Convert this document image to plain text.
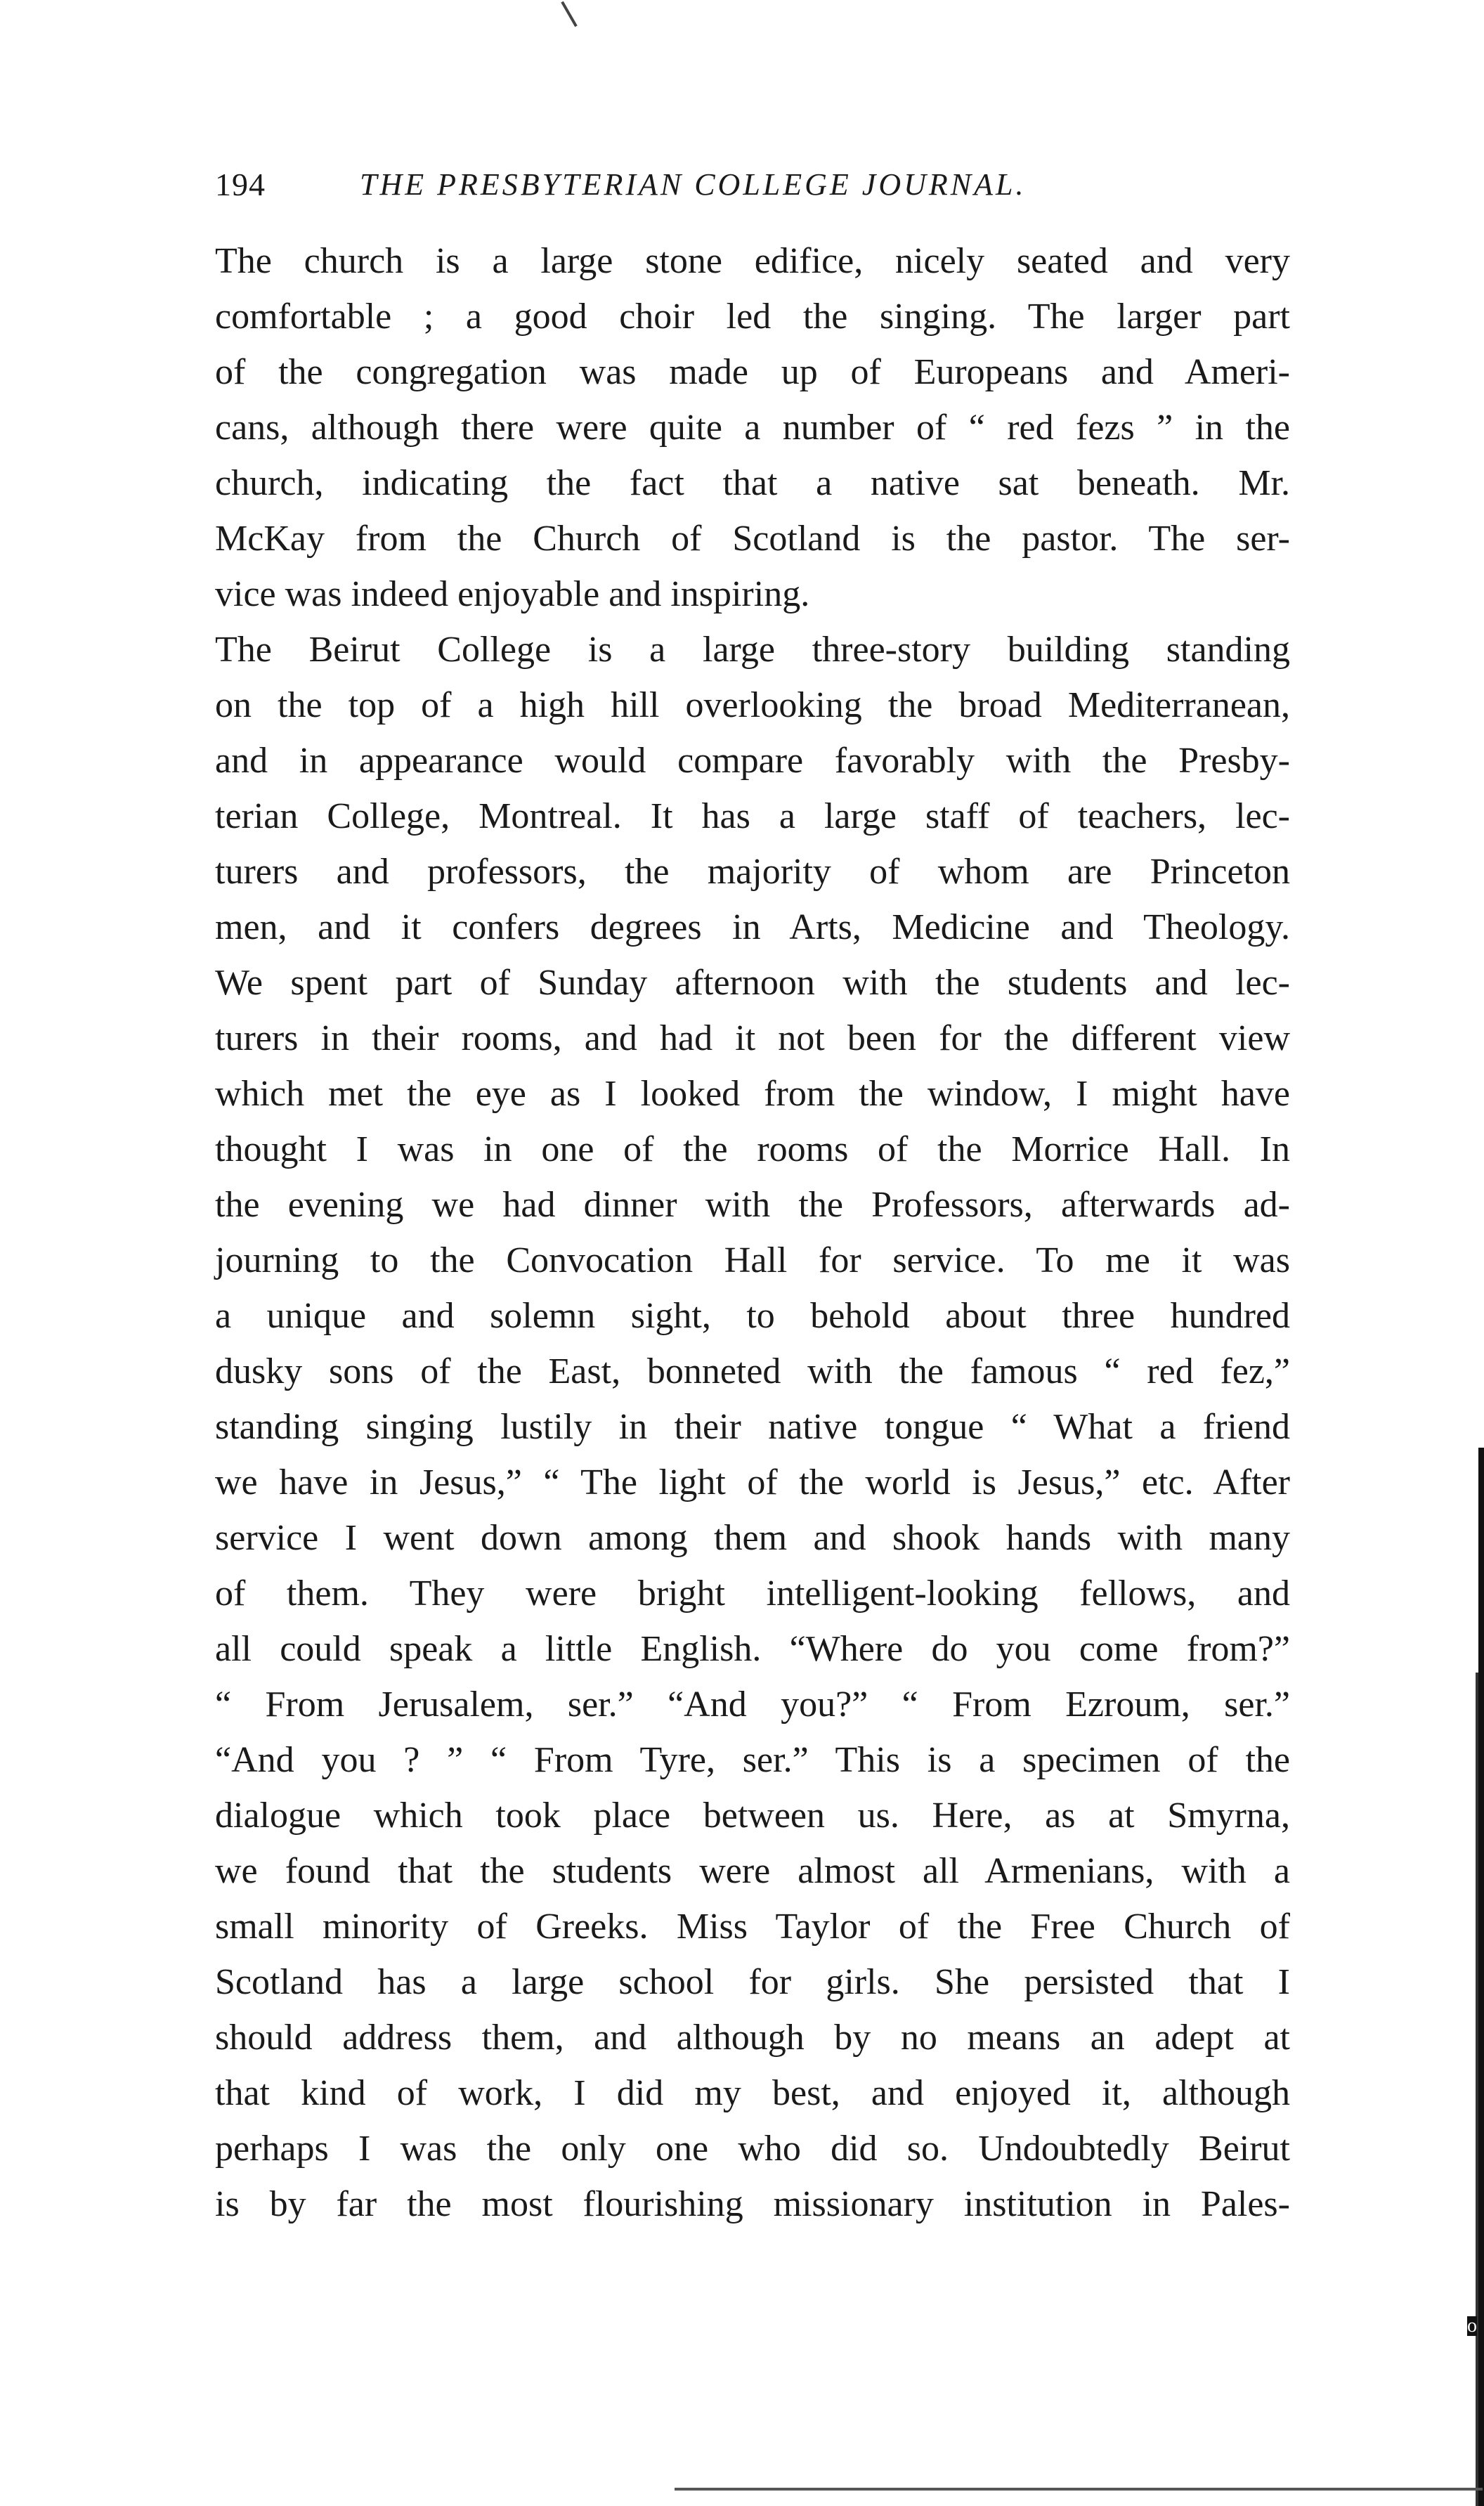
194	THE PRESBYTERIAN COLLEGE JOURNAL.
The church is a large stone edifice, nicely seated and very
comfortable ; a good choir led the singing. The larger part
of the congregation was made up of Europeans and Ameri-
cans, although there were quite a number of “ red fezs ” in the
church, indicating the fact that a native sat beneath. Mr.
McKay from the Church of Scotland is the pastor. The ser-
vice was indeed enjoyable and inspiring.
The Beirut College is a large three-story building standing
on the top of a high hill overlooking the broad Mediterranean,
and in appearance would compare favorably with the Presby-
terian College, Montreal. It has a large staff of teachers, lec-
turers and professors, the majority of whom are Princeton
men, and it confers degrees in Arts, Medicine and Theology.
We spent part of Sunday afternoon with the students and lec-
turers in their rooms, and had it not been for the different view
which met the eye as I looked from the window, I might have
thought I was in one of the rooms of the Morrice Hall. In
the evening we had dinner with the Professors, afterwards ad-
journing to the Convocation Hall for service. To me it was
a unique and solemn sight, to behold about three hundred
dusky sons of the East, bonneted with the famous “ red fez,”
standing singing lustily in their native tongue “ What a friend
we have in Jesus,” “ The light of the world is Jesus,” etc. After
service I went down among them and shook hands with many
of them. They were bright intelligent-looking fellows, and
all could speak a little English. “Where do you come from?”
“ From Jerusalem, ser.” “And you?” “ From Ezroum, ser.”
“And you ? ” “ From Tyre, ser.” This is a specimen of the
dialogue which took place between us. Here, as at Smyrna,
we found that the students were almost all Armenians, with a
small minority of Greeks. Miss Taylor of the Free Church of
Scotland has a large school for girls. She persisted that I
should address them, and although by no means an adept at
that kind of work, I did my best, and enjoyed it, although
perhaps I was the only one who did so. Undoubtedly Beirut
is by far the most flourishing missionary institution in Pales-
o
